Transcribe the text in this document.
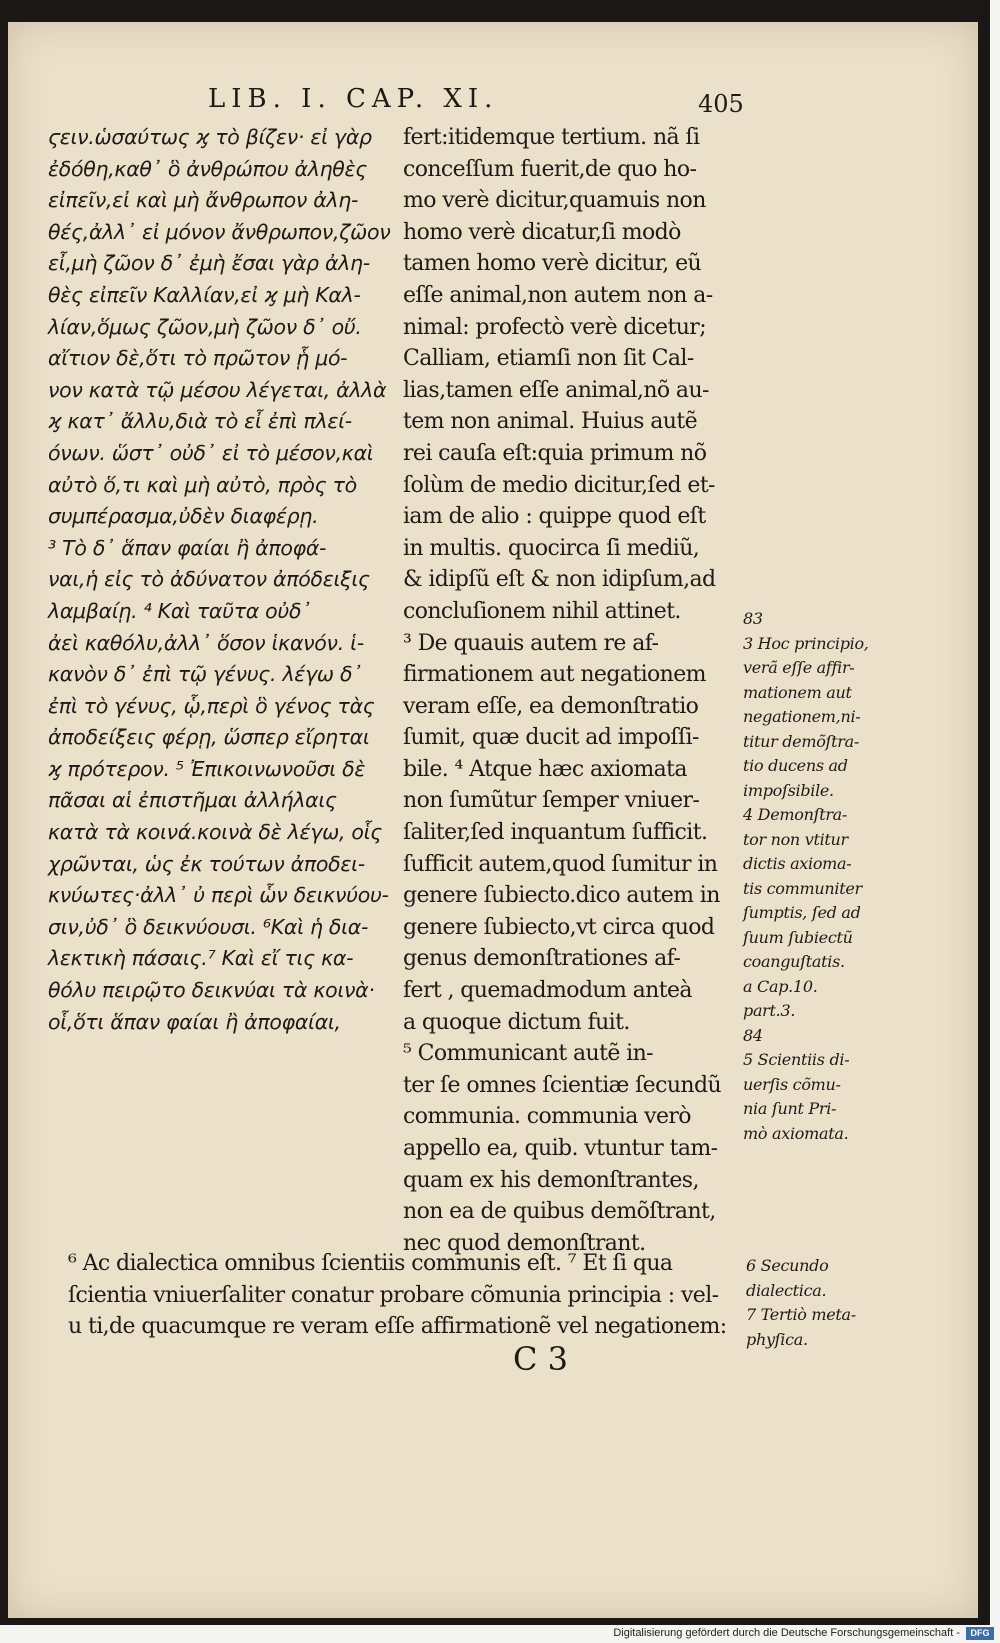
LIB. I. CAP. XI.	405
ϛειν.ὡσαύτως ϗ τὸ βίζεν· εἰ γὰρ
ἐδόθη,καθ᾽ ὃ ἀνθρώπου ἀληθὲς
εἰπεῖν,εἰ καὶ μὴ ἄνθρωπον ἀλη-
θές,ἀλλ᾽ εἰ μόνον ἄνθρωπον,ζῶον
εἶ,μὴ ζῶον δ᾽ ἐμὴ ἔσαι γὰρ ἀλη-
θὲς εἰπεῖν Καλλίαν,εἰ ϗ μὴ Καλ-
λίαν,ὅμως ζῶον,μὴ ζῶον δ᾽ οὔ.
αἴτιον δὲ,ὅτι τὸ πρῶτον ᾗ μό-
νον κατὰ τῷ μέσου λέγεται, ἀλλὰ
ϗ κατ᾽ ἄλλυ,διὰ τὸ εἶ ἐπὶ πλεί-
όνων. ὥστ᾽ οὐδ᾽ εἰ τὸ μέσον,καὶ
αὐτὸ ὅ,τι καὶ μὴ αὐτὸ, πρὸς τὸ
συμπέρασμα,ὐδὲν διαφέρῃ.
³ Τὸ δ᾽ ἅπαν φαίαι ἢ ἀποφά-
ναι,ἡ εἰς τὸ ἀδύνατον ἀπόδειξις
λαμβαίῃ. ⁴ Καὶ ταῦτα οὐδ᾽
ἀεὶ καθόλυ,ἀλλ᾽ ὅσον ἱκανόν. ἱ-
κανὸν δ᾽ ἐπὶ τῷ γένυς. λέγω δ᾽
ἐπὶ τὸ γένυς, ᾧ,περὶ ὃ γένος τὰς
ἀποδείξεις φέρῃ, ὥσπερ εἴρηται
ϗ πρότερον. ⁵ Ἐπικοινωνοῦσι δὲ
πᾶσαι αἱ ἐπιστῆμαι ἀλλήλαις
κατὰ τὰ κοινά.κοινὰ δὲ λέγω, οἷς
χρῶνται, ὡς ἐκ τούτων ἀποδει-
κνύωτες·ἀλλ᾽ ὐ περὶ ὧν δεικνύου-
σιν,ὐδ᾽ ὃ δεικνύουσι. ⁶Καὶ ἡ δια-
λεκτικὴ πάσαις.⁷ Καὶ εἴ τις κα-
θόλυ πειρῷτο δεικνύαι τὰ κοινὰ·
οἷ,ὅτι ἅπαν φαίαι ἢ ἀποφαίαι,
fert:itidemque tertium. nã ſi
conceſſum fuerit,de quo ho-
mo verè dicitur,quamuis non
homo verè dicatur,ſi modò
tamen homo verè dicitur, eũ
eſſe animal,non autem non a-
nimal: profectò verè dicetur;
Calliam, etiamſi non ſit Cal-
lias,tamen eſſe animal,nõ au-
tem non animal. Huius autẽ
rei cauſa eſt:quia primum nõ
ſolùm de medio dicitur,ſed et-
iam de alio : quippe quod eſt
in multis. quocirca ſi mediũ,
& idipſũ eſt & non idipſum,ad
concluſionem nihil attinet.
³ De quauis autem re af-
firmationem aut negationem
veram eſſe, ea demonſtratio
ſumit, quæ ducit ad impoſſi-
bile. ⁴ Atque hæc axiomata
non ſumũtur ſemper vniuer-
ſaliter,ſed inquantum ſufficit.
ſufficit autem,quod ſumitur in
genere ſubiecto.dico autem in
genere ſubiecto,vt circa quod
genus demonſtrationes af-
fert , quemadmodum anteà
a quoque dictum fuit.
⁵ Communicant autẽ in-
ter ſe omnes ſcientiæ ſecundũ
communia. communia verò
appello ea, quib. vtuntur tam-
quam ex his demonſtrantes,
non ea de quibus demõſtrant,
nec quod demonſtrant.
83
3 Hoc principio,
verã eſſe affir-
mationem aut
negationem,ni-
titur demõſtra-
tio ducens ad
impoſsibile.
4 Demonſtra-
tor non vtitur
dictis axioma-
tis communiter
ſumptis, ſed ad
ſuum ſubiectũ
coanguſtatis.
a Cap.10.
part.3.
84
5 Scientiis di-
uerſis cõmu-
nia ſunt Pri-
mò axiomata.
⁶ Ac dialectica omnibus ſcientiis communis eſt. ⁷ Et ſi qua
ſcientia vniuerſaliter conatur probare cõmunia principia : vel-
u ti,de quacumque re veram eſſe affirmationẽ vel negationem:
6 Secundo
dialectica.
7 Tertiò meta-
phyſica.
C 3
Digitalisierung gefördert durch die Deutsche Forschungsgemeinschaft -	DFG
